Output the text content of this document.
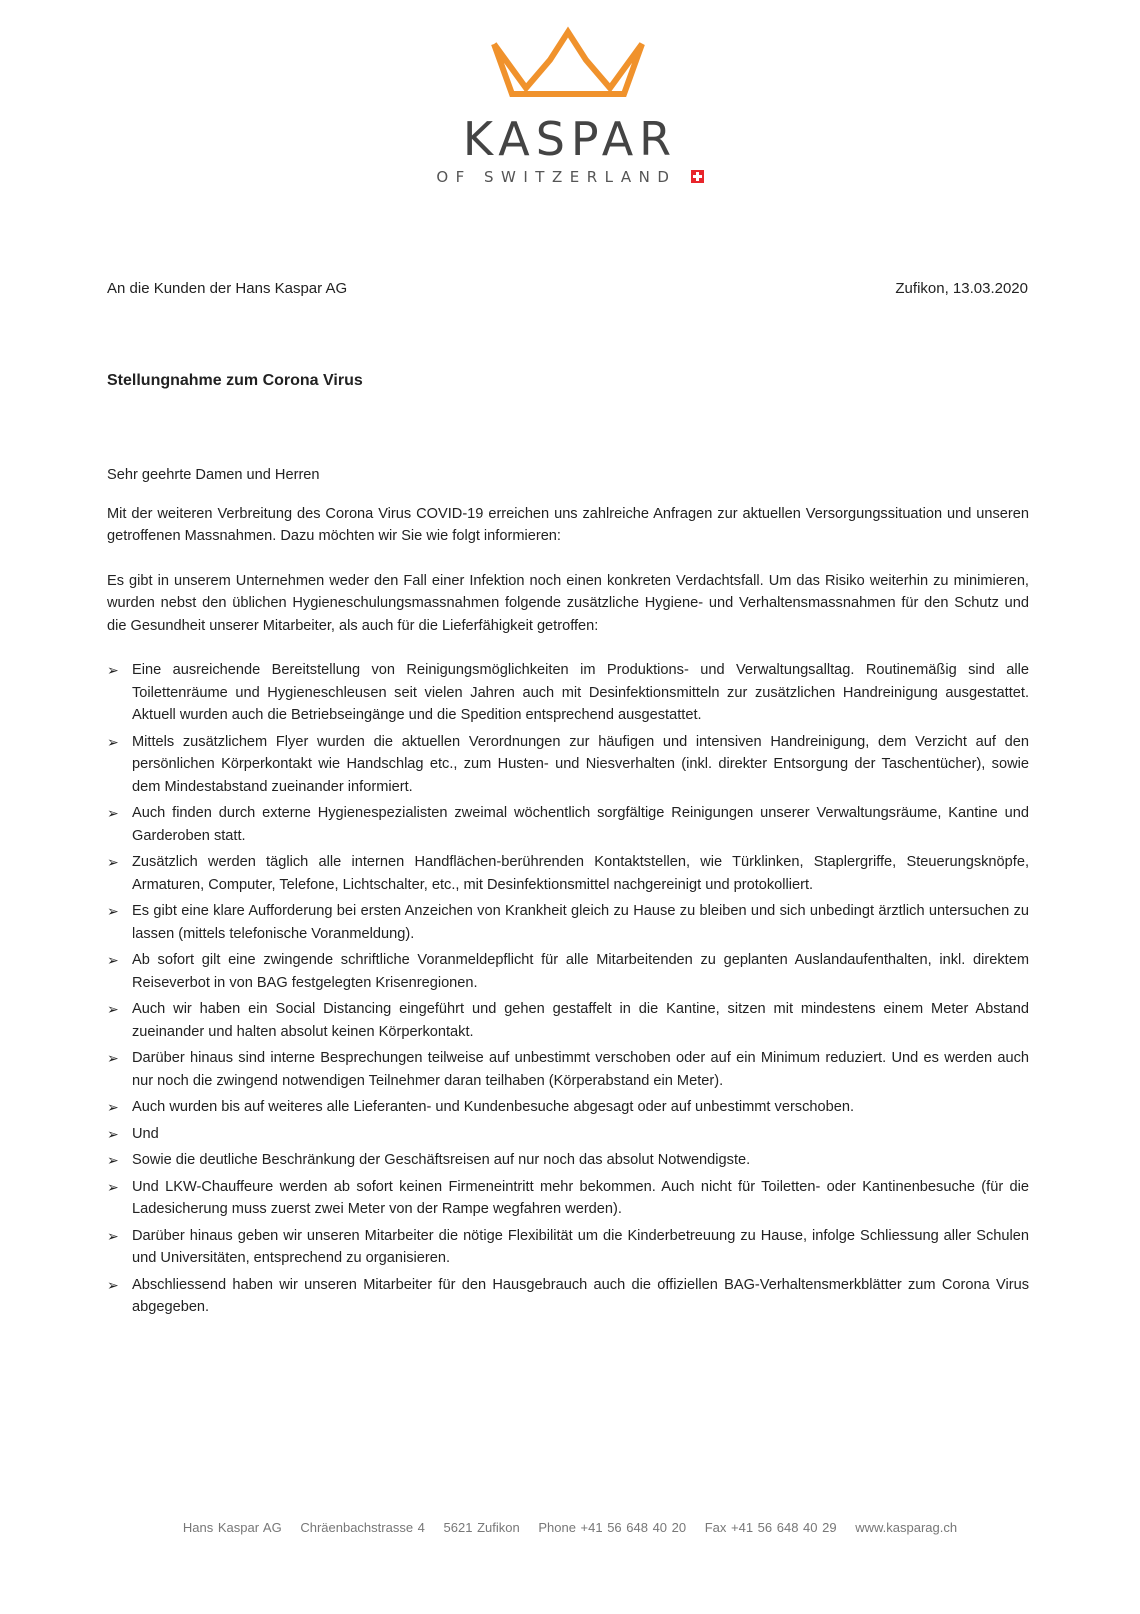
KASPAR
OF SWITZERLAND
An die Kunden der Hans Kaspar AG	Zufikon, 13.03.2020
Stellungnahme zum Corona Virus

Sehr geehrte Damen und Herren

Mit der weiteren Verbreitung des Corona Virus COVID-19 erreichen uns zahlreiche Anfragen zur aktuellen Versorgungssituation und unseren getroffenen Massnahmen. Dazu möchten wir Sie wie folgt informieren:

Es gibt in unserem Unternehmen weder den Fall einer Infektion noch einen konkreten Verdachtsfall. Um das Risiko weiterhin zu minimieren, wurden nebst den üblichen Hygieneschulungsmassnahmen folgende zusätzliche Hygiene- und Verhaltensmassnahmen für den Schutz und die Gesundheit unserer Mitarbeiter, als auch für die Lieferfähigkeit getroffen:

➢ Eine ausreichende Bereitstellung von Reinigungsmöglichkeiten im Produktions- und Verwaltungsalltag. Routinemäßig sind alle Toilettenräume und Hygieneschleusen seit vielen Jahren auch mit Desinfektionsmitteln zur zusätzlichen Handreinigung ausgestattet. Aktuell wurden auch die Betriebseingänge und die Spedition entsprechend ausgestattet.
➢ Mittels zusätzlichem Flyer wurden die aktuellen Verordnungen zur häufigen und intensiven Handreinigung, dem Verzicht auf den persönlichen Körperkontakt wie Handschlag etc., zum Husten- und Niesverhalten (inkl. direkter Entsorgung der Taschentücher), sowie dem Mindestabstand zueinander informiert.
➢ Auch finden durch externe Hygienespezialisten zweimal wöchentlich sorgfältige Reinigungen unserer Verwaltungsräume, Kantine und Garderoben statt.
➢ Zusätzlich werden täglich alle internen Handflächen-berührenden Kontaktstellen, wie Türklinken, Staplergriffe, Steuerungsknöpfe, Armaturen, Computer, Telefone, Lichtschalter, etc., mit Desinfektionsmittel nachgereinigt und protokolliert.
➢ Es gibt eine klare Aufforderung bei ersten Anzeichen von Krankheit gleich zu Hause zu bleiben und sich unbedingt ärztlich untersuchen zu lassen (mittels telefonische Voranmeldung).
➢ Ab sofort gilt eine zwingende schriftliche Voranmeldepflicht für alle Mitarbeitenden zu geplanten Auslandaufenthalten, inkl. direktem Reiseverbot in von BAG festgelegten Krisenregionen.
➢ Auch wir haben ein Social Distancing eingeführt und gehen gestaffelt in die Kantine, sitzen mit mindestens einem Meter Abstand zueinander und halten absolut keinen Körperkontakt.
➢ Darüber hinaus sind interne Besprechungen teilweise auf unbestimmt verschoben oder auf ein Minimum reduziert. Und es werden auch nur noch die zwingend notwendigen Teilnehmer daran teilhaben (Körperabstand ein Meter).
➢ Auch wurden bis auf weiteres alle Lieferanten- und Kundenbesuche abgesagt oder auf unbestimmt verschoben.
➢ Und
➢ Sowie die deutliche Beschränkung der Geschäftsreisen auf nur noch das absolut Notwendigste.
➢ Und LKW-Chauffeure werden ab sofort keinen Firmeneintritt mehr bekommen. Auch nicht für Toiletten- oder Kantinenbesuche (für die Ladesicherung muss zuerst zwei Meter von der Rampe wegfahren werden).
➢ Darüber hinaus geben wir unseren Mitarbeiter die nötige Flexibilität um die Kinderbetreuung zu Hause, infolge Schliessung aller Schulen und Universitäten, entsprechend zu organisieren.
➢ Abschliessend haben wir unseren Mitarbeiter für den Hausgebrauch auch die offiziellen BAG-Verhaltensmerkblätter zum Corona Virus abgegeben.
Hans Kaspar AG Chräenbachstrasse 4 5621 Zufikon Phone +41 56 648 40 20 Fax +41 56 648 40 29 www.kasparag.ch
